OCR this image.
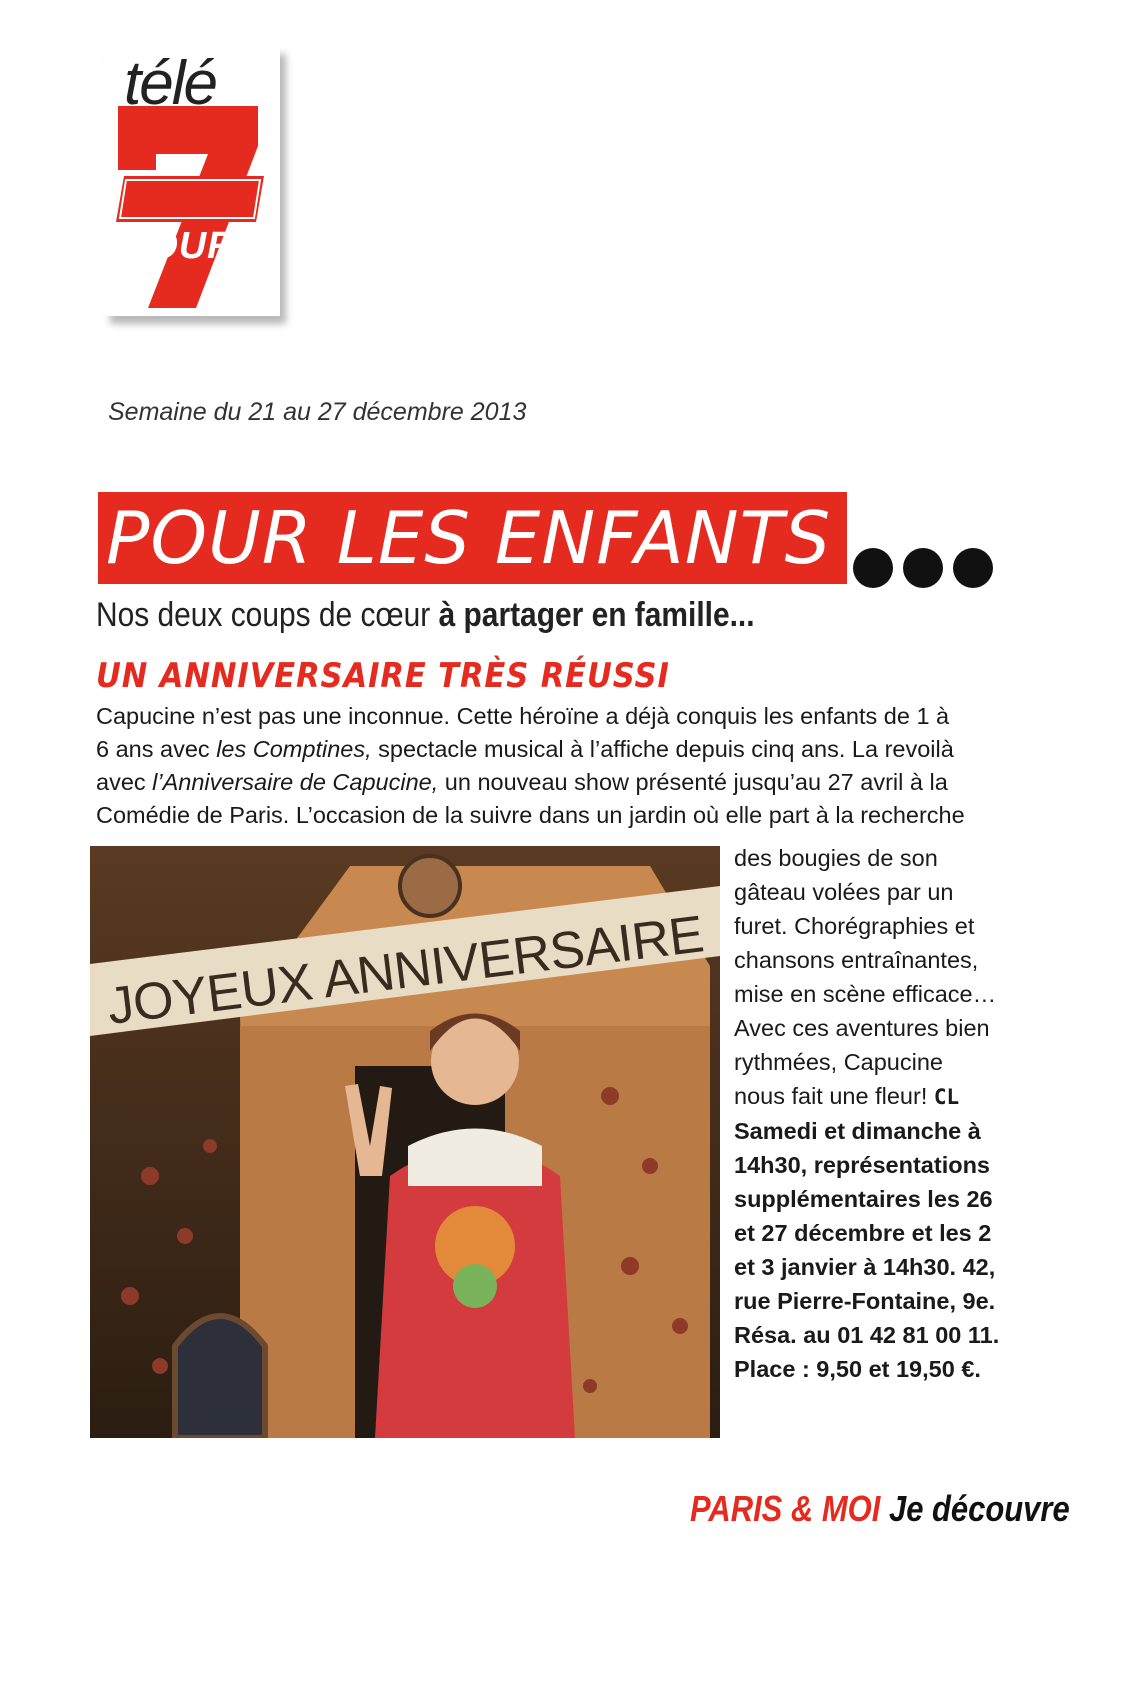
télé
JOURS
Semaine du 21 au 27 décembre 2013
POUR LES ENFANTS
Nos deux coups de cœur à partager en famille...
UN ANNIVERSAIRE TRÈS RÉUSSI

Capucine n’est pas une inconnue. Cette héroïne a déjà conquis les enfants de 1 à

6 ans avec les Comptines, spectacle musical à l’affiche depuis cinq ans. La revoilà

avec l’Anniversaire de Capucine, un nouveau show présenté jusqu’au 27 avril à la

Comédie de Paris. L’occasion de la suivre dans un jardin où elle part à la recherche

JOYEUX ANNIVERSAIRE

des bougies de son

gâteau volées par un

furet. Chorégraphies et

chansons entraînantes,

mise en scène efficace…

Avec ces aventures bien

rythmées, Capucine

nous fait une fleur! CL

Samedi et dimanche à

14h30, représentations

supplémentaires les 26

et 27 décembre et les 2

et 3 janvier à 14h30. 42,

rue Pierre-Fontaine, 9e.

Résa. au 01 42 81 00 11.

Place : 9,50 et 19,50 €.

PARIS & MOI Je découvre
